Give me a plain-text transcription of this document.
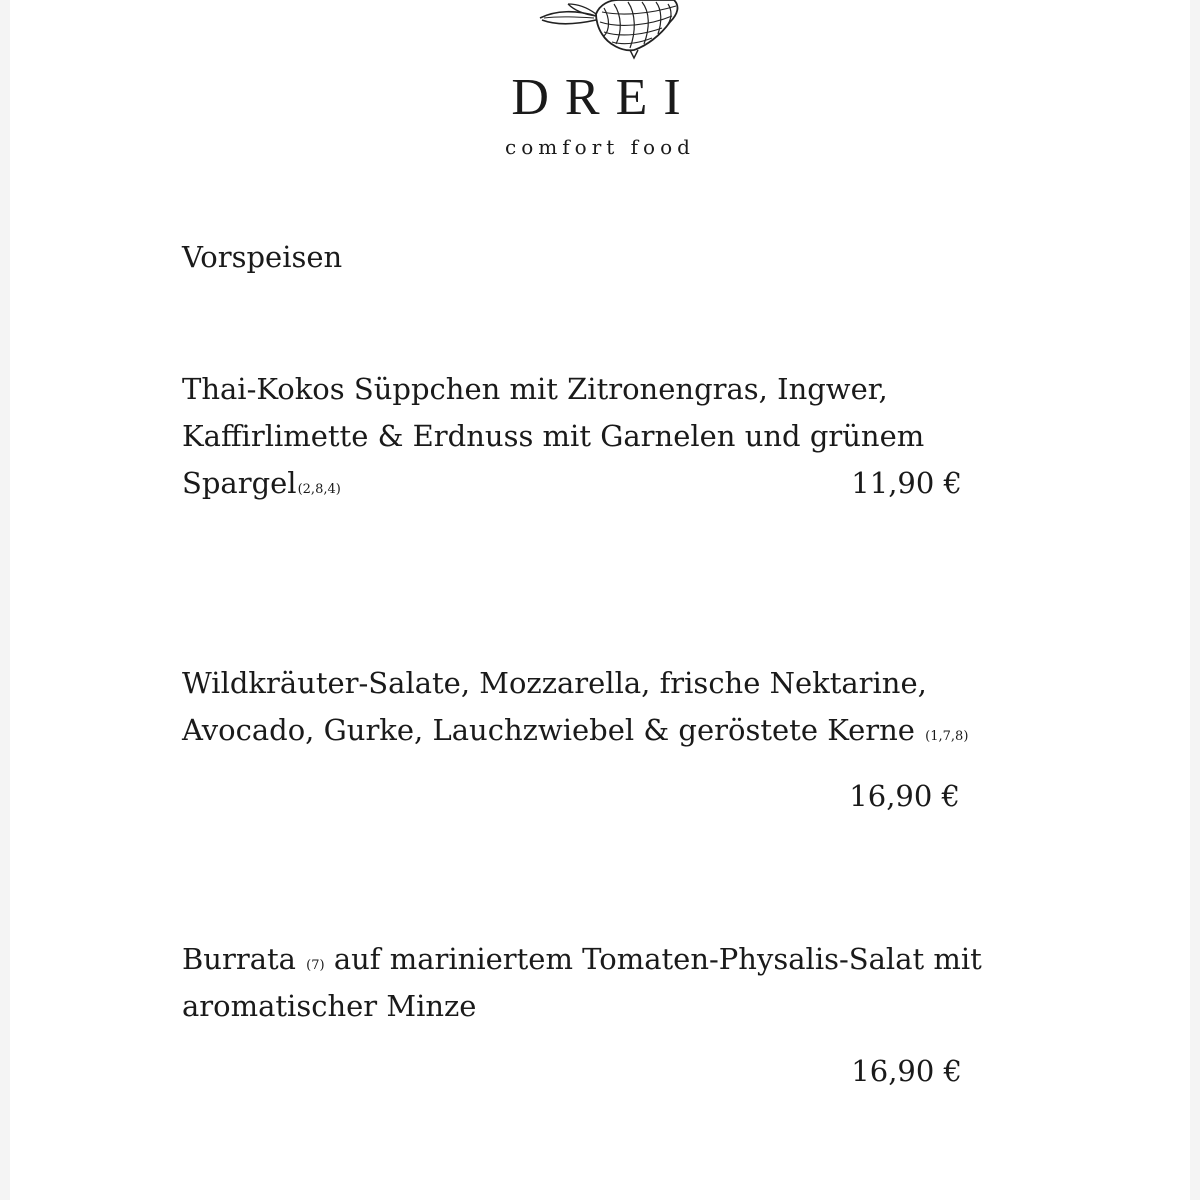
DREI
comfort food
Vorspeisen
Thai-Kokos Süppchen mit Zitronengras, Ingwer,
Kaffirlimette & Erdnuss mit Garnelen und grünem
Spargel(2,8,4)	11,90 €
Wildkräuter-Salate, Mozzarella, frische Nektarine,
Avocado, Gurke, Lauchzwiebel & geröstete Kerne (1,7,8)
16,90 €
Burrata (7) auf mariniertem Tomaten-Physalis-Salat mit
aromatischer Minze
16,90 €
